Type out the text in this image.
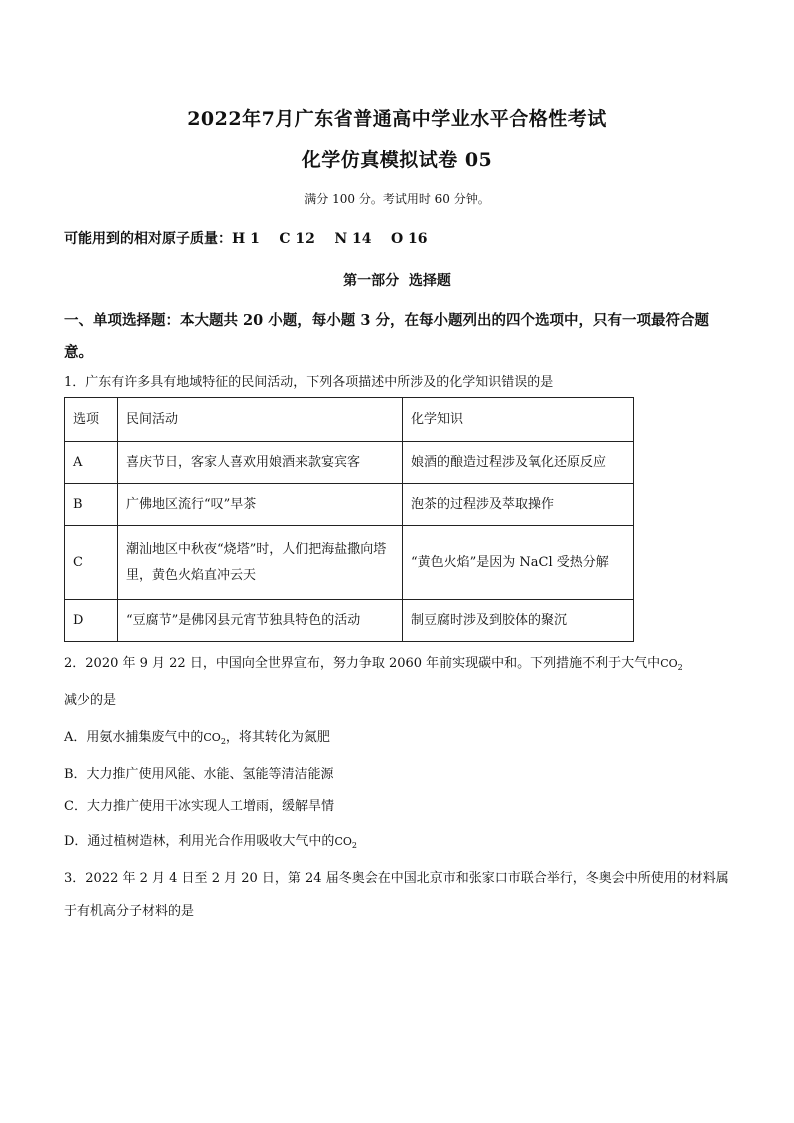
2022年7月广东省普通高中学业水平合格性考试
化学仿真模拟试卷 05
满分 100 分。考试用时 60 分钟。
可能用到的相对原子质量：H 1    C 12    N 14    O 16
第一部分  选择题
一、单项选择题：本大题共 20 小题，每小题 3 分，在每小题列出的四个选项中，只有一项最符合题意。
1．广东有许多具有地域特征的民间活动，下列各项描述中所涉及的化学知识错误的是
选项	民间活动	化学知识
A	喜庆节日，客家人喜欢用娘酒来款宴宾客	娘酒的酿造过程涉及氧化还原反应
B	广佛地区流行“叹”早茶	泡茶的过程涉及萃取操作
C	潮汕地区中秋夜“烧塔”时，人们把海盐撒向塔里，黄色火焰直冲云天	“黄色火焰”是因为 NaCl 受热分解
D	“豆腐节”是佛冈县元宵节独具特色的活动	制豆腐时涉及到胶体的聚沉
2．2020 年 9 月 22 日，中国向全世界宣布，努力争取 2060 年前实现碳中和。下列措施不利于大气中$CO_2$
减少的是
A．用氨水捕集废气中的$CO_2$，将其转化为氮肥
B．大力推广使用风能、水能、氢能等清洁能源
C．大力推广使用干冰实现人工增雨，缓解旱情
D．通过植树造林，利用光合作用吸收大气中的$CO_2$
3．2022 年 2 月 4 日至 2 月 20 日，第 24 届冬奥会在中国北京市和张家口市联合举行，冬奥会中所使用的材料属于有机高分子材料的是
